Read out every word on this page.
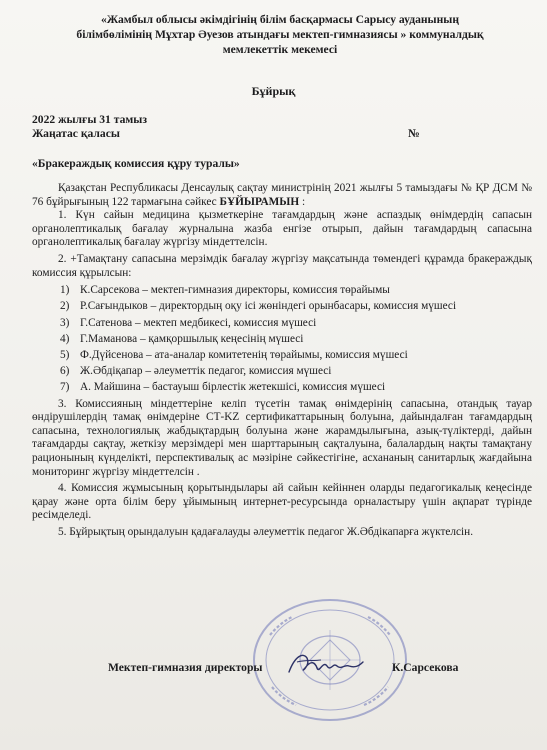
«Жамбыл облысы әкімдігінің білім басқармасы Сарысу ауданының
білімбөлімінің Мұхтар Әуезов атындағы мектеп-гимназиясы » коммуналдық
мемлекеттік мекемесі
Бұйрық
2022 жылғы 31 тамыз
Жаңатас қаласы	№
«Бракераждық комиссия құру туралы»

Қазақстан Республикасы Денсаулық сақтау министрінің 2021 жылғы 5 тамыздағы № ҚР ДСМ № 76 бұйрығының 122 тармағына сәйкес БҰЙЫРАМЫН :

1. Күн сайын медицина қызметкеріне тағамдардың және аспаздық өнімдердің сапасын органолептикалық бағалау журналына жазба енгізе отырып, дайын тағамдардың сапасына органолептикалық бағалау жүргізу міндеттелсін.

2. +Тамақтану сапасына мерзімдік бағалау жүргізу мақсатында төмендегі құрамда бракераждық комиссия құрылсын:

1) К.Сарсекова – мектеп-гимназия директоры, комиссия төрайымы
2) Р.Сағындыков – директордың оқу ісі жөніндегі орынбасары, комиссия мүшесі
3) Г.Сатенова – мектеп медбикесі, комиссия мүшесі
4) Г.Маманова – қамқоршылық кеңесінің мүшесі
5) Ф.Дүйсенова – ата-аналар комитетенің төрайымы, комиссия мүшесі
6) Ж.Әбдіқапар – әлеуметтік педагог, комиссия мүшесі
7) А. Майшина – бастауыш бірлестік жетекшісі, комиссия мүшесі

3. Комиссияның міндеттеріне келіп түсетін тамақ өнімдерінің сапасына, отандық тауар өндірушілердің тамақ өнімдеріне СТ-KZ сертификаттарының болуына, дайындалған тағамдардың сапасына, технологиялық жабдықтардың болуына және жарамдылығына, азық-түліктерді, дайын тағамдарды сақтау, жеткізу мерзімдері мен шарттарының сақталуына, балалардың нақты тамақтану рационының күнделікті, перспективалық ас мәзіріне сәйкестігіне, асхананың санитарлық жағдайына мониторинг жүргізу міндеттелсін .

4. Комиссия жұмысының қорытындылары ай сайын кейіннен оларды педагогикалық кеңесінде қарау және орта білім беру ұйымының интернет-ресурсында орналастыру үшін ақпарат түрінде ресімделеді.

5. Бұйрықтың орындалуын қадағалауды әлеуметтік педагог Ж.Әбдікапарға жүктелсін.

Мектеп-гимназия директоры	К.Сарсекова
